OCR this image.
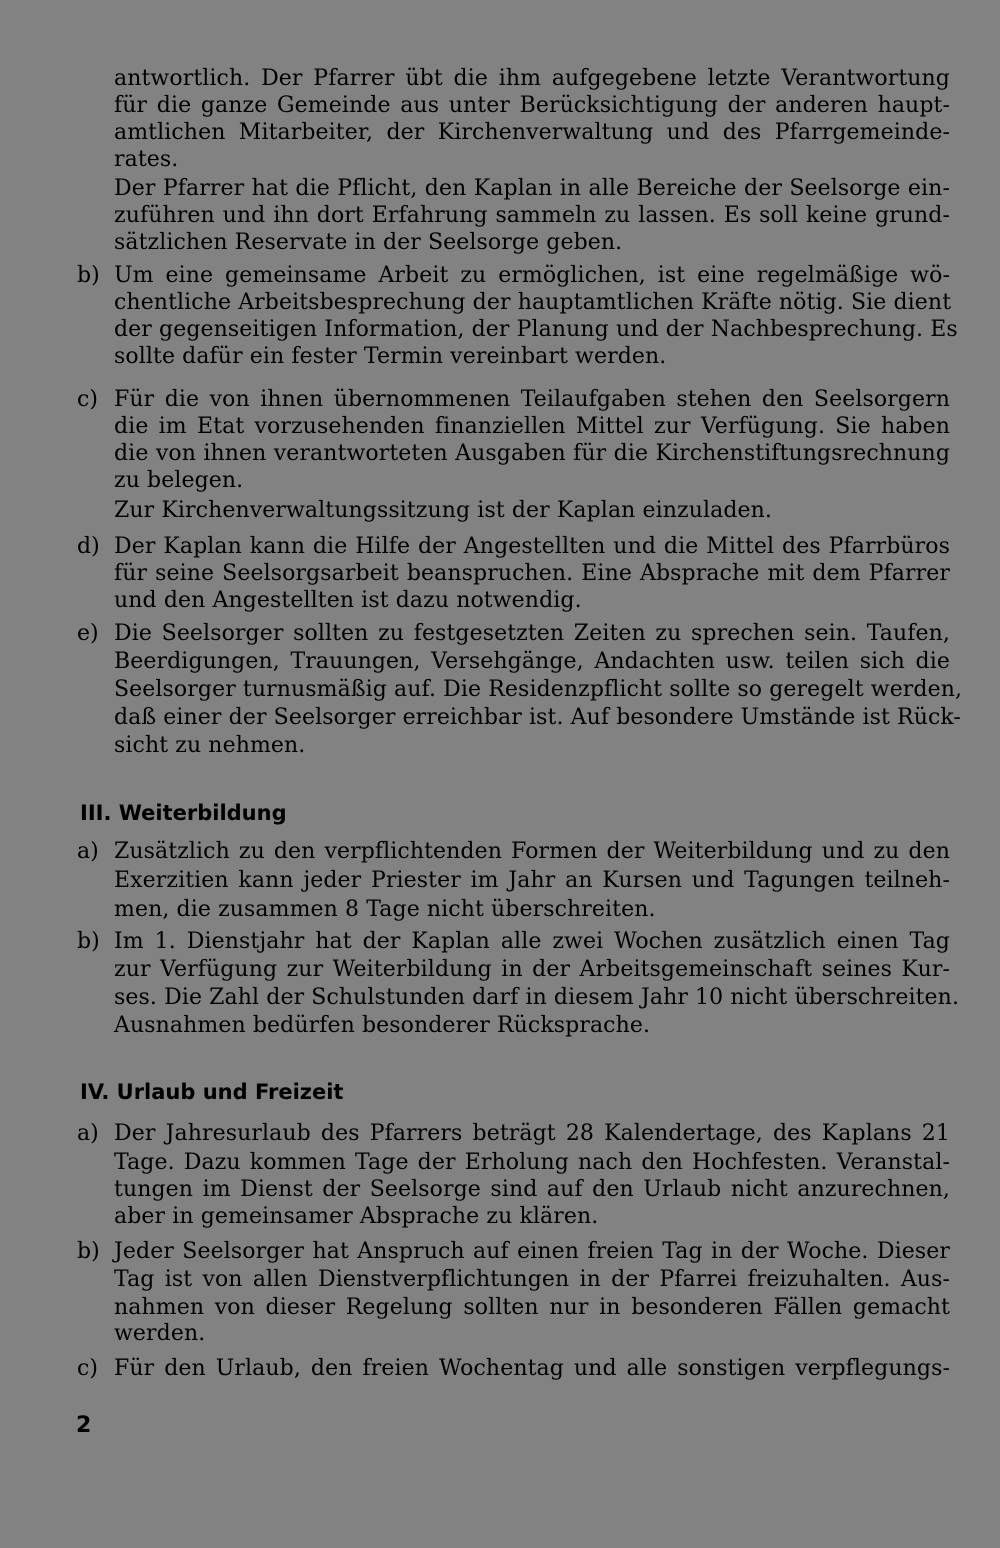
antwortlich. Der Pfarrer übt die ihm aufgegebene letzte Verantwortung
für die ganze Gemeinde aus unter Berücksichtigung der anderen haupt-
amtlichen Mitarbeiter, der Kirchenverwaltung und des Pfarrgemeinde-
rates.
Der Pfarrer hat die Pflicht, den Kaplan in alle Bereiche der Seelsorge ein-
zuführen und ihn dort Erfahrung sammeln zu lassen. Es soll keine grund-
sätzlichen Reservate in der Seelsorge geben.
b) Um eine gemeinsame Arbeit zu ermöglichen, ist eine regelmäßige wö-
chentliche Arbeitsbesprechung der hauptamtlichen Kräfte nötig. Sie dient
der gegenseitigen Information, der Planung und der Nachbesprechung. Es
sollte dafür ein fester Termin vereinbart werden.
c) Für die von ihnen übernommenen Teilaufgaben stehen den Seelsorgern
die im Etat vorzusehenden finanziellen Mittel zur Verfügung. Sie haben
die von ihnen verantworteten Ausgaben für die Kirchenstiftungsrechnung
zu belegen.
Zur Kirchenverwaltungssitzung ist der Kaplan einzuladen.
d) Der Kaplan kann die Hilfe der Angestellten und die Mittel des Pfarrbüros
für seine Seelsorgsarbeit beanspruchen. Eine Absprache mit dem Pfarrer
und den Angestellten ist dazu notwendig.
e) Die Seelsorger sollten zu festgesetzten Zeiten zu sprechen sein. Taufen,
Beerdigungen, Trauungen, Versehgänge, Andachten usw. teilen sich die
Seelsorger turnusmäßig auf. Die Residenzpflicht sollte so geregelt werden,
daß einer der Seelsorger erreichbar ist. Auf besondere Umstände ist Rück-
sicht zu nehmen.
III. Weiterbildung
a) Zusätzlich zu den verpflichtenden Formen der Weiterbildung und zu den
Exerzitien kann jeder Priester im Jahr an Kursen und Tagungen teilneh-
men, die zusammen 8 Tage nicht überschreiten.
b) Im 1. Dienstjahr hat der Kaplan alle zwei Wochen zusätzlich einen Tag
zur Verfügung zur Weiterbildung in der Arbeitsgemeinschaft seines Kur-
ses. Die Zahl der Schulstunden darf in diesem Jahr 10 nicht überschreiten.
Ausnahmen bedürfen besonderer Rücksprache.
IV. Urlaub und Freizeit
a) Der Jahresurlaub des Pfarrers beträgt 28 Kalendertage, des Kaplans 21
Tage. Dazu kommen Tage der Erholung nach den Hochfesten. Veranstal-
tungen im Dienst der Seelsorge sind auf den Urlaub nicht anzurechnen,
aber in gemeinsamer Absprache zu klären.
b) Jeder Seelsorger hat Anspruch auf einen freien Tag in der Woche. Dieser
Tag ist von allen Dienstverpflichtungen in der Pfarrei freizuhalten. Aus-
nahmen von dieser Regelung sollten nur in besonderen Fällen gemacht
werden.
c) Für den Urlaub, den freien Wochentag und alle sonstigen verpflegungs-
2
